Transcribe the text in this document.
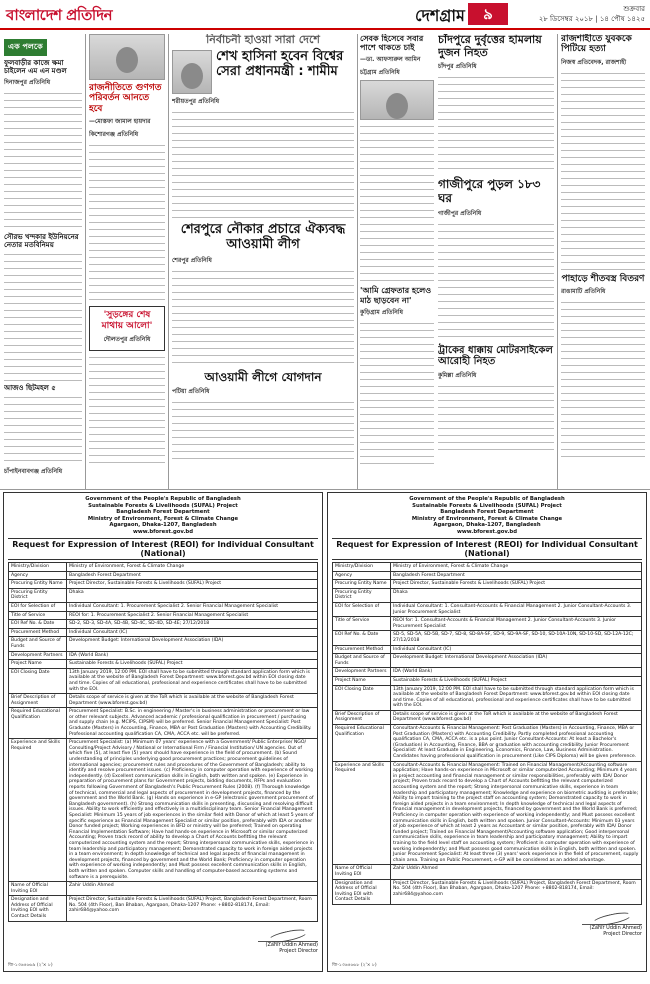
বাংলাদেশ প্রতিদিন	দেশগ্রাম	৯	শুক্রবার
২৮ ডিসেম্বর ২০১৮ | ১৪ পৌষ ১৪২৫
এক পলকে
ফুলবাড়ীর কাজে ক্ষমা চাইলেন এম এন মণ্ডল
দিনাজপুর প্রতিনিধি
সৌরভ খন্দকার ইউনিয়নের নেতার মতবিনিময়
আজও ছিটমহল ৫
চাঁপাইনবাবগঞ্জ প্রতিনিধি
রাজনীতিতে গুণগত পরিবর্তন আনতে হবে
—মোস্তফা জামাল হায়দার
কিশোরগঞ্জ প্রতিনিধি
'সুড়ঙ্গের শেষ মাথায় আলো'
দৌলতপুর প্রতিনিধি
নির্বাচনী হাওয়া সারা দেশে
শেখ হাসিনা হবেন বিশ্বের সেরা প্রধানমন্ত্রী : শামীম
শরীয়তপুর প্রতিনিধি
শেরপুরে নৌকার প্রচারে ঐক্যবদ্ধ আওয়ামী লীগ
শেরপুর প্রতিনিধি
আওয়ামী লীগে যোগদান
পটিয়া প্রতিনিধি
সেবক হিসেবে সবার পাশে থাকতে চাই
—ডা. আফসারুল আমিন
চট্টগ্রাম প্রতিনিধি
'আমি গ্রেফতার হলেও মাঠ ছাড়বেন না'
কুড়িগ্রাম প্রতিনিধি
চাঁদপুরে দুর্বৃত্তের হামলায় দুজন নিহত
চাঁদপুর প্রতিনিধি
গাজীপুরে পুড়ল ১৮৩ ঘর
গাজীপুর প্রতিনিধি
ট্রাকের ধাক্কায় মোটরসাইকেল আরোহী নিহত
কুমিল্লা প্রতিনিধি
রাজশাহীতে যুবককে পিটিয়ে হত্যা
নিজস্ব প্রতিবেদক, রাজশাহী
পাহাড়ে শীতবস্ত্র বিতরণ
রাঙামাটি প্রতিনিধি
Government of the People's Republic of Bangladesh
Sustainable Forests & Livelihoods (SUFAL) Project
Bangladesh Forest Department
Ministry of Environment, Forest & Climate Change
Agargaon, Dhaka-1207, Bangladesh
www.bforest.gov.bd
Request for Expression of Interest (REOI) for Individual Consultant (National)
Ministry/Division	Ministry of Environment, Forest & Climate Change
Agency	Bangladesh Forest Department
Procuring Entity Name	Project Director, Sustainable Forests & Livelihoods (SUFAL) Project
Procuring Entity District	Dhaka
EOI for Selection of	Individual Consultant: 1. Procurement Specialist 2. Senior Financial Management Specialist
Title of Service	REOI for: 1. Procurement Specialist 2. Senior Financial Management Specialist
EOI Ref No. & Date	SD-2, SD-3, SD-4A, SD-4B, SD-4C, SD-4D, SD-4E; 27/12/2018
Procurement Method	Individual Consultant (IC)
Budget and Source of Funds	Development Budget: International Development Association (IDA)
Development Partners	IDA (World Bank)
Project Name	Sustainable Forests & Livelihoods (SUFAL) Project
EOI Closing Date	13th January 2019, 12:00 PM. EOI shall have to be submitted through standard application form which is available at the website of Bangladesh Forest Department: www.bforest.gov.bd within EOI closing date and time. Copies of all educational, professional and experience certificates shall have to be submitted with the EOI.
Brief Description of Assignment	Details scope of service is given at the ToR which is available at the website of Bangladesh Forest Department (www.bforest.gov.bd)
Required Educational Qualification	Procurement Specialist: B.Sc. in engineering / Master's in business administration or procurement or law or other relevant subjects. Advanced academic / professional qualification in procurement / purchasing and supply chain (e.g. MCIPS, CIPSM) will be preferred. Senior Financial Management Specialist: Post Graduate (Masters) in Accounting, Finance, MBA or Post Graduation (Masters) with Accounting Credibility. Professional accounting qualification CA, CMA, ACCA etc. will be preferred.
Experience and Skills Required	Procurement Specialist: (a) Minimum 07 years' experience with a Government/ Public Enterprise/ NGO/ Consulting/Project Advisory / National or International Firm / Financial Institution/ UN agencies. Out of which five (5), at least five (5) years should have experience in the field of procurement. (b) Sound understanding of principles underlying good procurement practices; procurement guidelines of international agencies; procurement rules and procedures of the Government of Bangladesh; ability to identify and resolve procurement issues. (c) Proficiency in computer operation with experience of working independently. (d) Excellent communication skills in English, both written and spoken. (e) Experience in preparation of procurement plans for Government projects, bidding documents, RFPs and evaluation reports following Government of Bangladesh's Public Procurement Rules (2008). (f) Thorough knowledge of technical, commercial and legal aspects of procurement in development projects, financed by the government and the World Bank. (g) Hands on experience in e-GP (electronic government procurement of Bangladesh government). (h) Strong communication skills in presenting, discussing and resolving difficult issues. Ability to work efficiently and effectively in a multidisciplinary team. Senior Financial Management Specialist: Minimum 15 years of job experiences in the similar field with Donor of which at least 5 years of specific experience as Financial Management Specialist or similar position, preferably with IDA or another Donor funded project; Working experiences in BFD or ministry will be preferred; Trained on operating Financial Implementation Software; Have had hands-on experience in Microsoft or similar computerized Accounting; Proven track record of ability to develop a Chart of Accounts befitting the relevant computerized accounting system and the report; Strong interpersonal communicative skills, experience in team leadership and participatory management; Demonstrated capacity to work in foreign aided projects in a team environment; In depth knowledge of technical and legal aspects of financial management in development projects, financed by government and the World Bank; Proficiency in computer operation with experience of working independently; and Must possess excellent communication skills in English, both written and spoken. Computer skills and handling of computer-based accounting systems and software is a prerequisite.
Name of Official Inviting EOI	Zahir Uddin Ahmed
Designation and Address of Official Inviting EOI with Contact Details	Project Director, Sustainable Forests & Livelihoods (SUFAL) Project, Bangladesh Forest Department, Room No. 504 (4th Floor), Ban Bhaban, Agargaon, Dhaka-1207 Phone: +8802-818174, Email: zahir684@yahoo.com
(Zahir Uddin Ahmed)
Project Director
জি-১৩৬৪৬৬৯ (২'× ৮)
Government of the People's Republic of Bangladesh
Sustainable Forests & Livelihoods (SUFAL) Project
Bangladesh Forest Department
Ministry of Environment, Forest & Climate Change
Agargaon, Dhaka-1207, Bangladesh
www.bforest.gov.bd
Request for Expression of Interest (REOI) for Individual Consultant (National)
Ministry/Division	Ministry of Environment, Forest & Climate Change
Agency	Bangladesh Forest Department
Procuring Entity Name	Project Director, Sustainable Forests & Livelihoods (SUFAL) Project
Procuring Entity District	Dhaka
EOI for Selection of	Individual Consultant: 1. Consultant-Accounts & Financial Management 2. Junior Consultant-Accounts 3. Junior Procurement Specialist
Title of Service	REOI for: 1. Consultant-Accounts & Financial Management 2. Junior Consultant-Accounts 3. Junior Procurement Specialist
EOI Ref No. & Date	SD-5, SD-5A, SD-5B, SD-7, SD-8, SD-8A-SF, SD-9, SD-9A-SF, SD-10, SD-10A-10N, SD-10-SD, SD-12A-12C; 27/12/2018
Procurement Method	Individual Consultant (IC)
Budget and Source of Funds	Development Budget: International Development Association (IDA)
Development Partners	IDA (World Bank)
Project Name	Sustainable Forests & Livelihoods (SUFAL) Project
EOI Closing Date	13th January 2019, 12:00 PM. EOI shall have to be submitted through standard application form which is available at the website of Bangladesh Forest Department: www.bforest.gov.bd within EOI closing date and time. Copies of all educational, professional and experience certificates shall have to be submitted with the EOI.
Brief Description of Assignment	Details scope of service is given at the ToR which is available at the website of Bangladesh Forest Department (www.bforest.gov.bd)
Required Educational Qualification	Consultant-Accounts & Financial Management: Post Graduation (Masters) in Accounting, Finance, MBA or Post Graduation (Masters) with Accounting Credibility. Partly completed professional accounting qualification CA, CMA, ACCA etc. is a plus point. Junior Consultant-Accounts: At least a Bachelor's (Graduation) in Accounting, Finance, BBA or graduation with accounting credibility. Junior Procurement Specialist: At least Graduate in Engineering, Economics, Finance, Law, Business Administration. Candidates having professional qualification in procurement (Like CIPS Diploma) will be given preference.
Experience and Skills Required	Consultant-Accounts & Financial Management: Trained on Financial Management/Accounting software application; Have hands-on experience in Microsoft or similar computerized Accounting; Minimum 4 years in project accounting and financial management or similar responsibilities, preferably with IDA/ Donor project; Proven track record to develop a Chart of Accounts befitting the relevant computerized accounting system and the report; Strong interpersonal communicative skills, experience in team leadership and participatory management; Knowledge and experience on biometric auditing is preferable; Ability to impart training to the project staff on accounting system; Demonstrated capacity to work in foreign aided projects in a team environment; In depth knowledge of technical and legal aspects of financial management in development projects, financed by government and the World Bank is preferred; Proficiency in computer operation with experience of working independently; and Must possess excellent communication skills in English, both written and spoken. Junior Consultant-Accounts: Minimum 03 years of job experience of which at least 2 years as Accountant or similar position, preferably with IDA/ Donor funded project; Trained on Financial Management/Accounting software application; Good interpersonal communicative skills, experience in team leadership and participatory management; Ability to impart training to the field level staff on accounting system; Proficient in computer operation with experience of working independently; and Must possess good communication skills in English, both written and spoken. Junior Procurement Specialist: At least three (3) years' work experience in the field of procurement, supply chain area. Training on Public Procurement, e-GP will be considered as an added advantage.
Name of Official Inviting EOI	Zahir Uddin Ahmed
Designation and Address of Official Inviting EOI with Contact Details	Project Director, Sustainable Forests & Livelihoods (SUFAL) Project, Bangladesh Forest Department, Room No. 504 (4th Floor), Ban Bhaban, Agargaon, Dhaka-1207 Phone: +8802-818174, Email: zahir684@yahoo.com
(Zahir Uddin Ahmed)
Project Director
জি-১৩৬৪৬৬৮ (২'× ৮)
